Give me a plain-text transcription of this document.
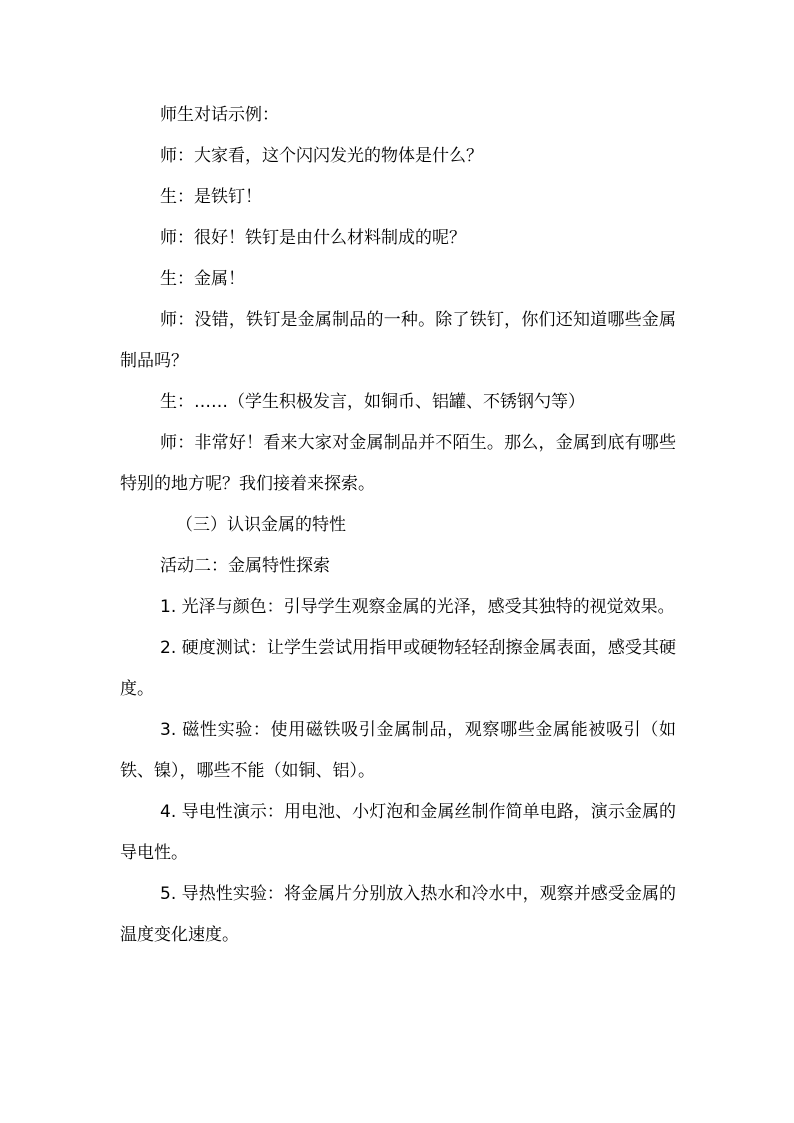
师生对话示例：

师：大家看，这个闪闪发光的物体是什么？

生：是铁钉！

师：很好！铁钉是由什么材料制成的呢？

生：金属！

师：没错，铁钉是金属制品的一种。除了铁钉，你们还知道哪些金属制品吗？

生：……（学生积极发言，如铜币、铝罐、不锈钢勺等）

师：非常好！看来大家对金属制品并不陌生。那么，金属到底有哪些特别的地方呢？我们接着来探索。

（三）认识金属的特性

活动二：金属特性探索

1. 光泽与颜色：引导学生观察金属的光泽，感受其独特的视觉效果。

2. 硬度测试：让学生尝试用指甲或硬物轻轻刮擦金属表面，感受其硬度。

3. 磁性实验：使用磁铁吸引金属制品，观察哪些金属能被吸引（如铁、镍），哪些不能（如铜、铝）。

4. 导电性演示：用电池、小灯泡和金属丝制作简单电路，演示金属的导电性。

5. 导热性实验：将金属片分别放入热水和冷水中，观察并感受金属的温度变化速度。
